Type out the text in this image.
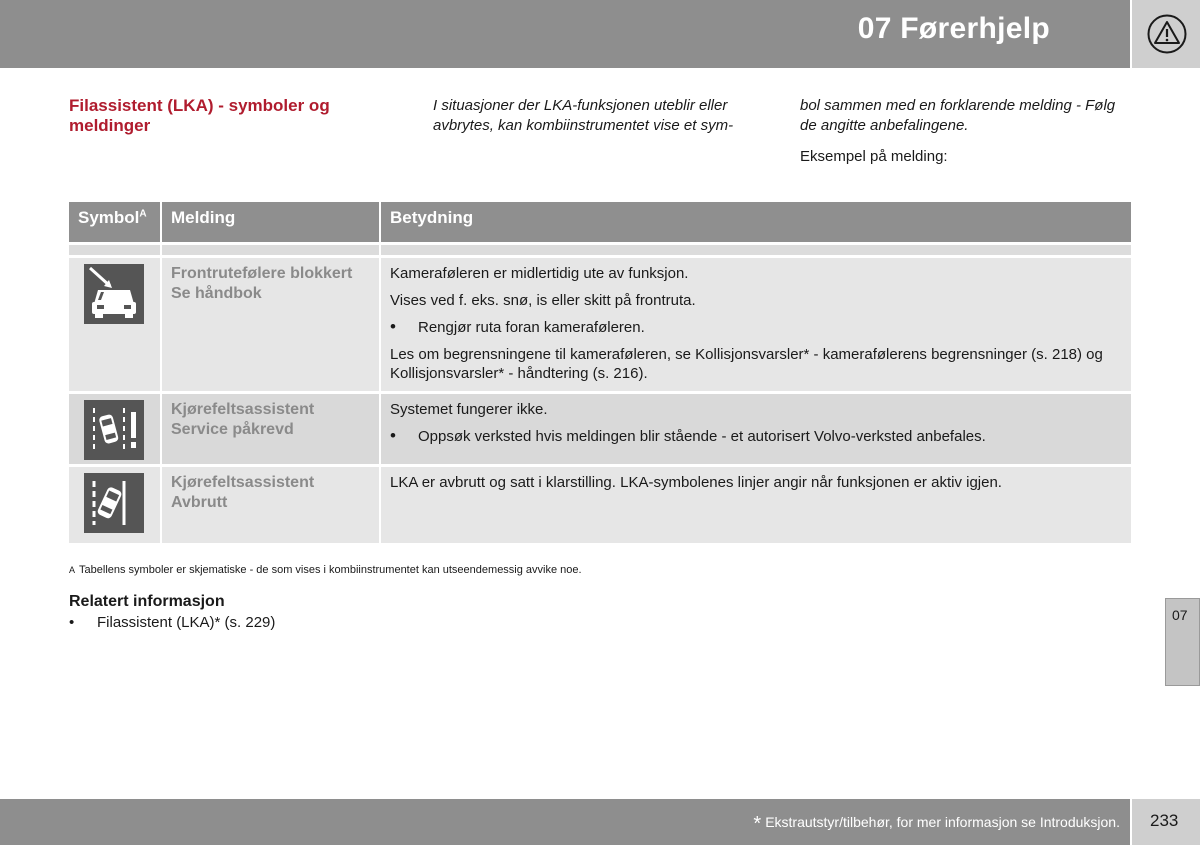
07 Førerhjelp
Filassistent (LKA) - symboler og meldinger
I situasjoner der LKA-funksjonen uteblir eller avbrytes, kan kombiinstrumentet vise et sym-
bol sammen med en forklarende melding - Følg de angitte anbefalingene.
Eksempel på melding:
Symbol$^A$	Melding	Betydning

Frontrutefølere blokkert Se håndbok	Kameraføleren er midlertidig ute av funksjon.

Vises ved f. eks. snø, is eller skitt på frontruta.

• Rengjør ruta foran kameraføleren.

Les om begrensningene til kameraføleren, se Kollisjonsvarsler* - kamerafølerens begrensninger (s. 218) og Kollisjonsvarsler* - håndtering (s. 216).

Kjørefeltsassistent Service påkrevd	Systemet fungerer ikke.

• Oppsøk verksted hvis meldingen blir stående - et autorisert Volvo-verksted anbefales.

Kjørefeltsassistent Avbrutt	LKA er avbrutt og satt i klarstilling. LKA-symbolenes linjer angir når funksjonen er aktiv igjen.

A Tabellens symboler er skjematiske - de som vises i kombiinstrumentet kan utseendemessig avvike noe.
Relatert informasjon
• Filassistent (LKA)* (s. 229)	07
* Ekstrautstyr/tilbehør, for mer informasjon se Introduksjon. 233
